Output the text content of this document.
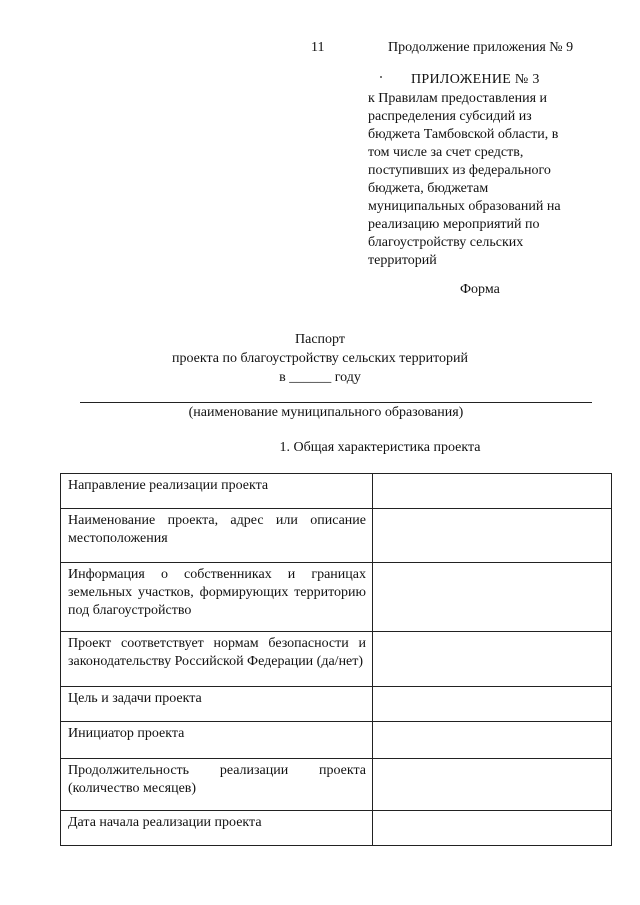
11	Продолжение приложения № 9
ПРИЛОЖЕНИЕ № 3
к Правилам предоставления и
распределения субсидий из
бюджета Тамбовской области, в
том числе за счет средств,
поступивших из федерального
бюджета, бюджетам
муниципальных образований на
реализацию мероприятий по
благоустройству сельских
территорий
Форма
Паспорт
проекта по благоустройству сельских территорий
в ______ году
(наименование муниципального образования)
1. Общая характеристика проекта
Направление реализации проекта	
Наименование проекта, адрес или описание местоположения	
Информация о собственниках и границах земельных участков, формирующих территорию под благоустройство	
Проект соответствует нормам безопасности и законодательству Российской Федерации (да/нет)	
Цель и задачи проекта	
Инициатор проекта	
Продолжительность реализации проекта (количество месяцев)	
Дата начала реализации проекта	
